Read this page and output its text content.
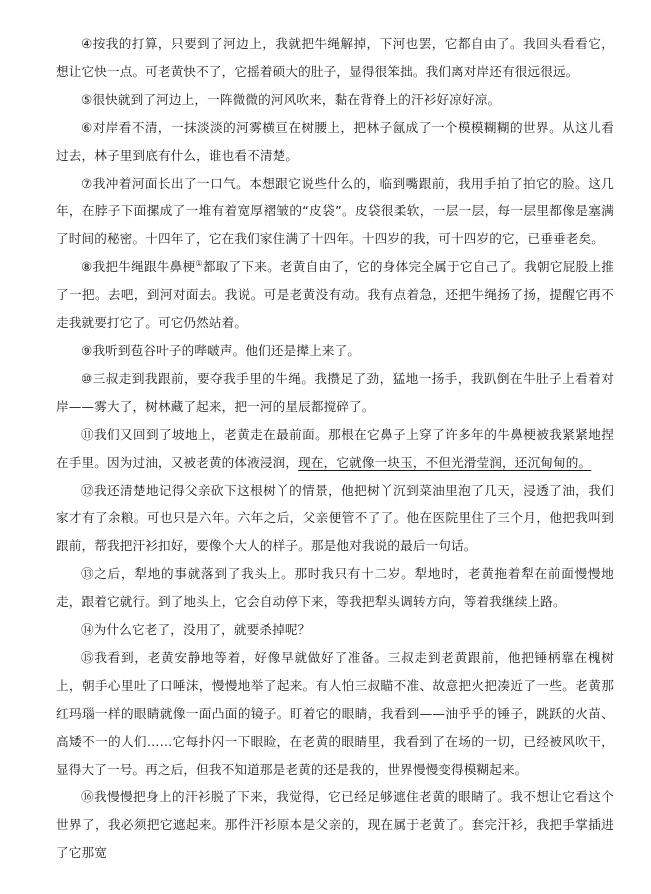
④按我的打算，只要到了河边上，我就把牛绳解掉，下河也罢，它都自由了。我回头看看它，想让它快一点。可老黄快不了，它摇着硕大的肚子，显得很笨拙。我们离对岸还有很远很远。

⑤很快就到了河边上，一阵微微的河风吹来，黏在背脊上的汗衫好凉好凉。

⑥对岸看不清，一抹淡淡的河雾横亘在树腰上，把林子氤成了一个模模糊糊的世界。从这儿看过去，林子里到底有什么，谁也看不清楚。

⑦我冲着河面长出了一口气。本想跟它说些什么的，临到嘴跟前，我用手拍了拍它的脸。这几年，在脖子下面摞成了一堆有着宽厚褶皱的“皮袋”。皮袋很柔软，一层一层，每一层里都像是塞满了时间的秘密。十四年了，它在我们家住满了十四年。十四岁的我，可十四岁的它，已垂垂老矣。

⑧我把牛绳跟牛鼻梗①都取了下来。老黄自由了，它的身体完全属于它自己了。我朝它屁股上推了一把。去吧，到河对面去。我说。可是老黄没有动。我有点着急，还把牛绳扬了扬，提醒它再不走我就要打它了。可它仍然站着。

⑨我听到苞谷叶子的哔啵声。他们还是撵上来了。

⑩三叔走到我跟前，要夺我手里的牛绳。我攒足了劲，猛地一扬手，我趴倒在牛肚子上看着对岸——雾大了，树林藏了起来，把一河的星辰都搅碎了。

⑪我们又回到了坡地上，老黄走在最前面。那根在它鼻子上穿了许多年的牛鼻梗被我紧紧地捏在手里。因为过油，又被老黄的体液浸润，现在，它就像一块玉，不但光滑莹润，还沉甸甸的。

⑫我还清楚地记得父亲砍下这根树丫的情景，他把树丫沉到菜油里泡了几天，浸透了油，我们家才有了余粮。可也只是六年。六年之后，父亲便管不了了。他在医院里住了三个月，他把我叫到跟前，帮我把汗衫扣好，要像个大人的样子。那是他对我说的最后一句话。

⑬之后，犁地的事就落到了我头上。那时我只有十二岁。犁地时，老黄拖着犁在前面慢慢地走，跟着它就行。到了地头上，它会自动停下来，等我把犁头调转方向，等着我继续上路。

⑭为什么它老了，没用了，就要杀掉呢？

⑮我看到，老黄安静地等着，好像早就做好了准备。三叔走到老黄跟前，他把锤柄靠在槐树上，朝手心里吐了口唾沫，慢慢地举了起来。有人怕三叔瞄不准、故意把火把凑近了一些。老黄那红玛瑙一样的眼睛就像一面凸面的镜子。盯着它的眼睛，我看到——油乎乎的锤子，跳跃的火苗、高矮不一的人们……它每扑闪一下眼睑，在老黄的眼睛里，我看到了在场的一切，已经被风吹干，显得大了一号。再之后，但我不知道那是老黄的还是我的，世界慢慢变得模糊起来。

⑯我慢慢把身上的汗衫脱了下来，我觉得，它已经足够遮住老黄的眼睛了。我不想让它看这个世界了，我必须把它遮起来。那件汗衫原本是父亲的，现在属于老黄了。套完汗衫，我把手掌插进了它那宽
